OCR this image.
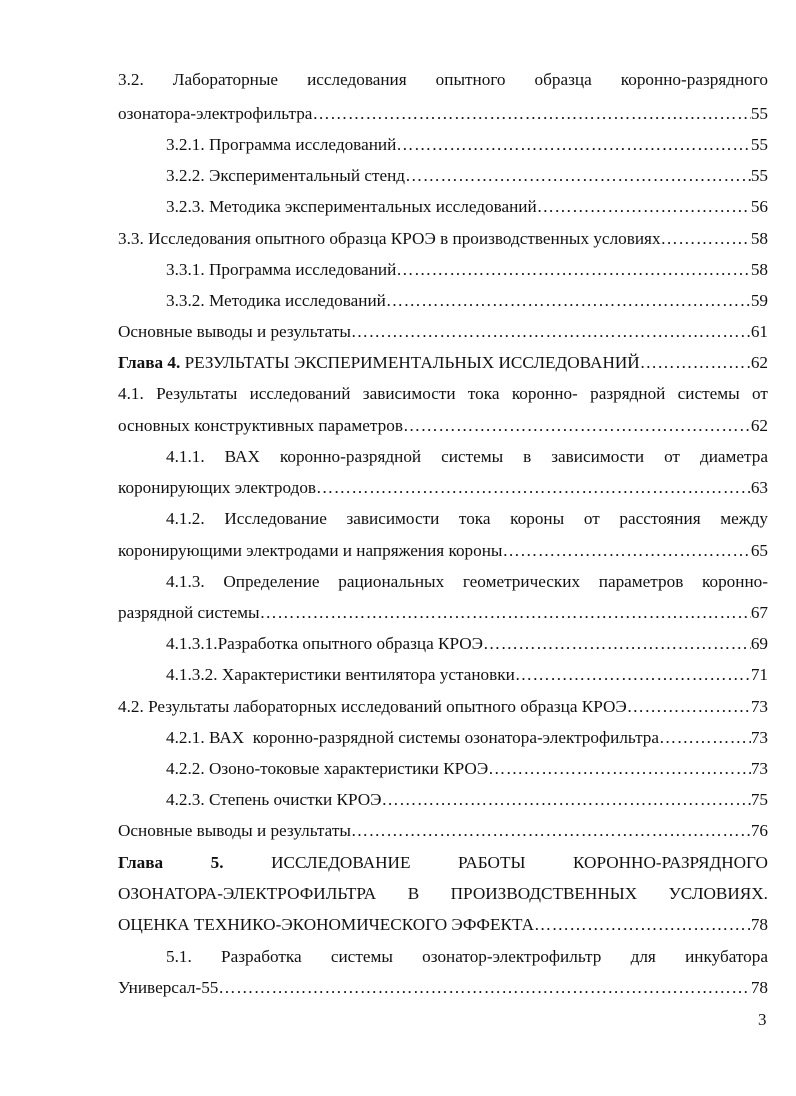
3.2. Лабораторные исследования опытного образца коронно-разрядного
озонатора-электрофильтра ………………………………………………………………………………………………………………………………………………………	55
3.2.1. Программа исследований ………………………………………………………………………………………………………………………………………………………	55
3.2.2. Экспериментальный стенд ………………………………………………………………………………………………………………………………………………………	55
3.2.3. Методика экспериментальных исследований ………………………………………………………………………………………………………………………………………………………	56
3.3. Исследования опытного образца КРОЭ в производственных условиях ………………………………………………………………………………………………………………………………………………………	58
3.3.1. Программа исследований ………………………………………………………………………………………………………………………………………………………	58
3.3.2. Методика исследований ………………………………………………………………………………………………………………………………………………………	59
Основные выводы и результаты ………………………………………………………………………………………………………………………………………………………	61
Глава 4. РЕЗУЛЬТАТЫ ЭКСПЕРИМЕНТАЛЬНЫХ ИССЛЕДОВАНИЙ ………………………………………………………………………………………………………………………………………………………	62
4.1. Результаты исследований зависимости тока коронно- разрядной системы от
основных конструктивных параметров ………………………………………………………………………………………………………………………………………………………	62
4.1.1. ВАХ коронно-разрядной системы в зависимости от диаметра
коронирующих электродов ………………………………………………………………………………………………………………………………………………………	63
4.1.2. Исследование зависимости тока короны от расстояния между
коронирующими электродами и напряжения короны ………………………………………………………………………………………………………………………………………………………	65
4.1.3. Определение рациональных геометрических параметров коронно-
разрядной системы ………………………………………………………………………………………………………………………………………………………	67
4.1.3.1.Разработка опытного образца КРОЭ ………………………………………………………………………………………………………………………………………………………	69
4.1.3.2. Характеристики вентилятора установки ………………………………………………………………………………………………………………………………………………………	71
4.2. Результаты лабораторных исследований опытного образца КРОЭ ………………………………………………………………………………………………………………………………………………………	73
4.2.1. ВАХ  коронно-разрядной системы озонатора-электрофильтра ………………………………………………………………………………………………………………………………………………………	73
4.2.2. Озоно-токовые характеристики КРОЭ ………………………………………………………………………………………………………………………………………………………	73
4.2.3. Степень очистки КРОЭ ………………………………………………………………………………………………………………………………………………………	75
Основные выводы и результаты ………………………………………………………………………………………………………………………………………………………	76
Глава	5.	ИССЛЕДОВАНИЕ	РАБОТЫ	КОРОННО-РАЗРЯДНОГО
ОЗОНАТОРА-ЭЛЕКТРОФИЛЬТРА В ПРОИЗВОДСТВЕННЫХ УСЛОВИЯХ.
ОЦЕНКА ТЕХНИКО-ЭКОНОМИЧЕСКОГО ЭФФЕКТА ………………………………………………………………………………………………………………………………………………………	78
5.1. Разработка системы озонатор-электрофильтр для инкубатора
Универсал-55 ………………………………………………………………………………………………………………………………………………………	78
3
